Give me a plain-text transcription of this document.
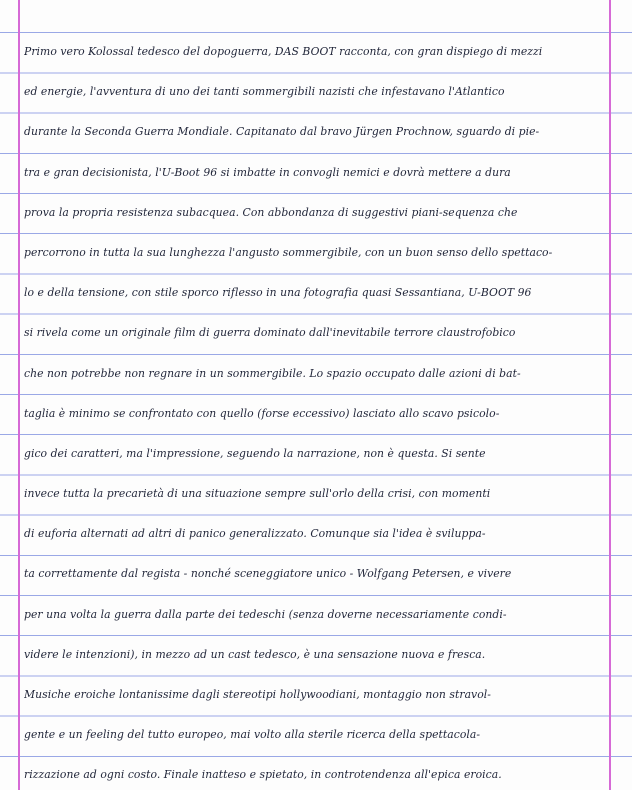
Primo vero Kolossal tedesco del dopoguerra, DAS BOOT racconta, con gran dispiego di mezzi
ed energie, l'avventura di uno dei tanti sommergibili nazisti che infestavano l'Atlantico
durante la Seconda Guerra Mondiale. Capitanato dal bravo Jürgen Prochnow, sguardo di pie-
tra e gran decisionista, l'U-Boot 96 si imbatte in convogli nemici e dovrà mettere a dura
prova la propria resistenza subacquea. Con abbondanza di suggestivi piani-sequenza che
percorrono in tutta la sua lunghezza l'angusto sommergibile, con un buon senso dello spettaco-
lo e della tensione, con stile sporco riflesso in una fotografia quasi Sessantiana, U-BOOT 96
si rivela come un originale film di guerra dominato dall'inevitabile terrore claustrofobico
che non potrebbe non regnare in un sommergibile. Lo spazio occupato dalle azioni di bat-
taglia è minimo se confrontato con quello (forse eccessivo) lasciato allo scavo psicolo-
gico dei caratteri, ma l'impressione, seguendo la narrazione, non è questa. Si sente
invece tutta la precarietà di una situazione sempre sull'orlo della crisi, con momenti
di euforia alternati ad altri di panico generalizzato. Comunque sia l'idea è sviluppa-
ta correttamente dal regista - nonché sceneggiatore unico - Wolfgang Petersen, e vivere
per una volta la guerra dalla parte dei tedeschi (senza doverne necessariamente condi-
videre le intenzioni), in mezzo ad un cast tedesco, è una sensazione nuova e fresca.
Musiche eroiche lontanissime dagli stereotipi hollywoodiani, montaggio non stravol-
gente e un feeling del tutto europeo, mai volto alla sterile ricerca della spettacola-
rizzazione ad ogni costo. Finale inatteso e spietato, in controtendenza all'epica eroica.
